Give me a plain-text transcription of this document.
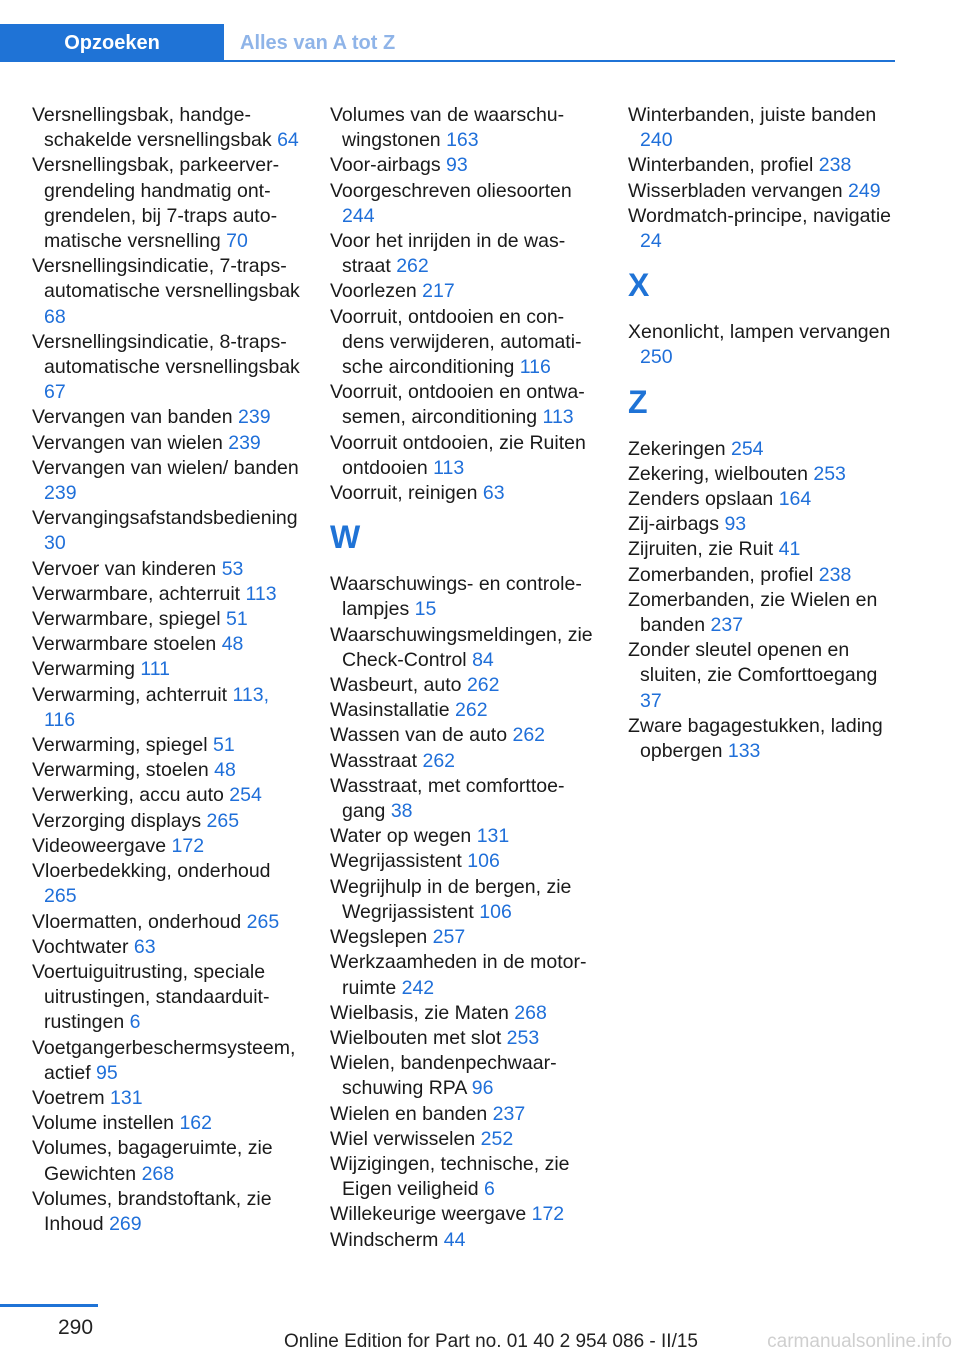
Opzoeken	Alles van A tot Z
Versnellingsbak, handgeschakelde versnellingsbak 64
Versnellingsbak, parkeervergrendeling handmatig ontgrendelen, bij 7-traps automatische versnelling 70
Versnellingsindicatie, 7-traps-automatische versnellingsbak 68
Versnellingsindicatie, 8-traps-automatische versnellingsbak 67
Vervangen van banden 239
Vervangen van wielen 239
Vervangen van wielen/ banden 239
Vervangingsafstandsbediening 30
Vervoer van kinderen 53
Verwarmbare, achterruit 113
Verwarmbare, spiegel 51
Verwarmbare stoelen 48
Verwarming 111
Verwarming, achterruit 113, 116
Verwarming, spiegel 51
Verwarming, stoelen 48
Verwerking, accu auto 254
Verzorging displays 265
Videoweergave 172
Vloerbedekking, onderhoud 265
Vloermatten, onderhoud 265
Vochtwater 63
Voertuiguitrusting, speciale uitrustingen, standaarduitrustingen 6
Voetgangerbeschermsysteem, actief 95
Voetrem 131
Volume instellen 162
Volumes, bagageruimte, zie Gewichten 268
Volumes, brandstoftank, zie Inhoud 269
Volumes van de waarschuwingstonen 163
Voor-airbags 93
Voorgeschreven oliesoorten 244
Voor het inrijden in de wasstraat 262
Voorlezen 217
Voorruit, ontdooien en condens verwijderen, automatische airconditioning 116
Voorruit, ontdooien en ontwasemen, airconditioning 113
Voorruit ontdooien, zie Ruiten ontdooien 113
Voorruit, reinigen 63
W
Waarschuwings- en controlelampjes 15
Waarschuwingsmeldingen, zie Check-Control 84
Wasbeurt, auto 262
Wasinstallatie 262
Wassen van de auto 262
Wasstraat 262
Wasstraat, met comforttoegang 38
Water op wegen 131
Wegrijassistent 106
Wegrijhulp in de bergen, zie Wegrijassistent 106
Wegslepen 257
Werkzaamheden in de motorruimte 242
Wielbasis, zie Maten 268
Wielbouten met slot 253
Wielen, bandenpechwaarschuwing RPA 96
Wielen en banden 237
Wiel verwisselen 252
Wijzigingen, technische, zie Eigen veiligheid 6
Willekeurige weergave 172
Windscherm 44
Winterbanden, juiste banden 240
Winterbanden, profiel 238
Wisserbladen vervangen 249
Wordmatch-principe, navigatie 24
X
Xenonlicht, lampen vervangen 250
Z
Zekeringen 254
Zekering, wielbouten 253
Zenders opslaan 164
Zij-airbags 93
Zijruiten, zie Ruit 41
Zomerbanden, profiel 238
Zomerbanden, zie Wielen en banden 237
Zonder sleutel openen en sluiten, zie Comforttoegang 37
Zware bagagestukken, lading opbergen 133
290
Online Edition for Part no. 01 40 2 954 086 - II/15	carmanualsonline.info
